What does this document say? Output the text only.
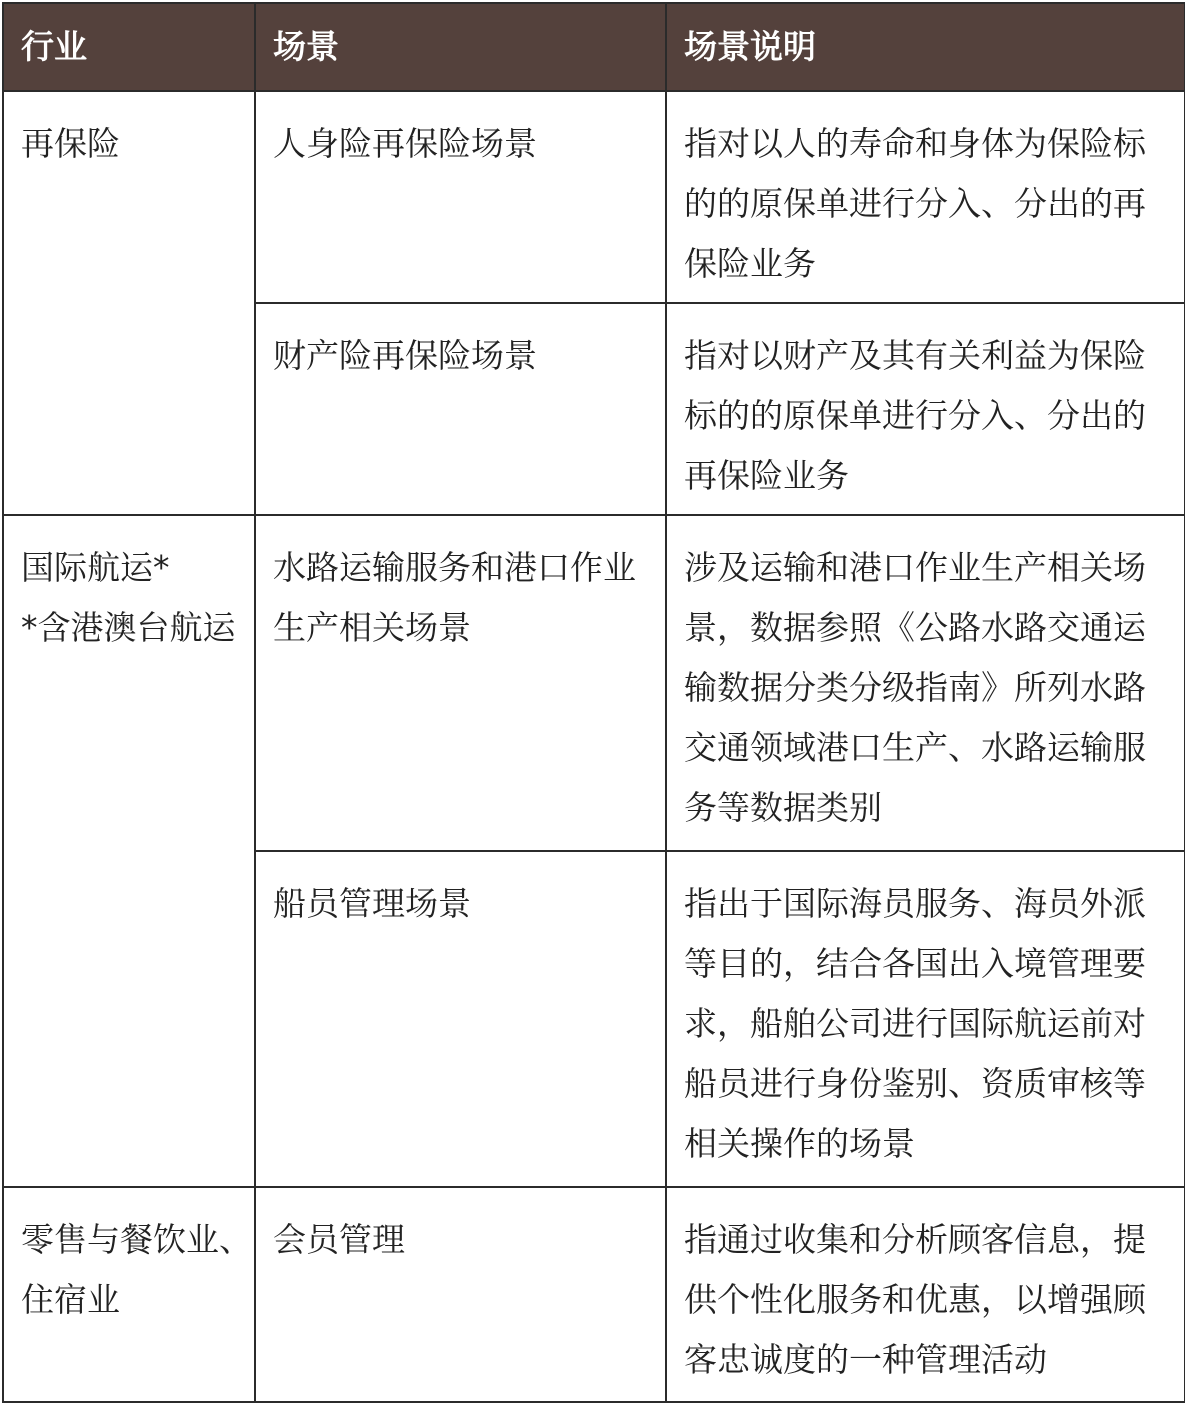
行业	场景	场景说明

再保险	人身险再保险场景	指对以人的寿命和身体为保险标
的的原保单进行分入、分出的再
保险业务

	财产险再保险场景	指对以财产及其有关利益为保险
标的的原保单进行分入、分出的
再保险业务

国际航运*
*含港澳台航运	水路运输服务和港口作业
生产相关场景	涉及运输和港口作业生产相关场
景，数据参照《公路水路交通运
输数据分类分级指南》所列水路
交通领域港口生产、水路运输服
务等数据类别

	船员管理场景	指出于国际海员服务、海员外派
等目的，结合各国出入境管理要
求，船舶公司进行国际航运前对
船员进行身份鉴别、资质审核等
相关操作的场景

零售与餐饮业、
住宿业	会员管理	指通过收集和分析顾客信息，提
供个性化服务和优惠，以增强顾
客忠诚度的一种管理活动
